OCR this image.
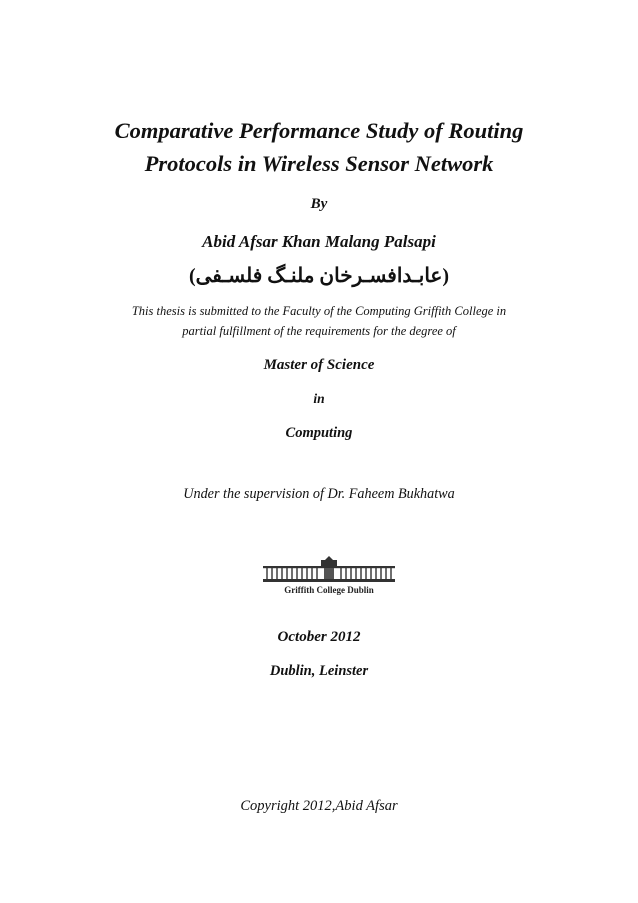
Comparative Performance Study of Routing
Protocols in Wireless Sensor Network
By
Abid Afsar Khan Malang Palsapi
(عابـدافسـرخان ملنـگ فلسـفی)
This thesis is submitted to the Faculty of the Computing Griffith College in
partial fulfillment of the requirements for the degree of
Master of Science
in
Computing
Under the supervision of Dr. Faheem Bukhatwa
Griffith College Dublin
October 2012
Dublin, Leinster
Copyright 2012,Abid Afsar
